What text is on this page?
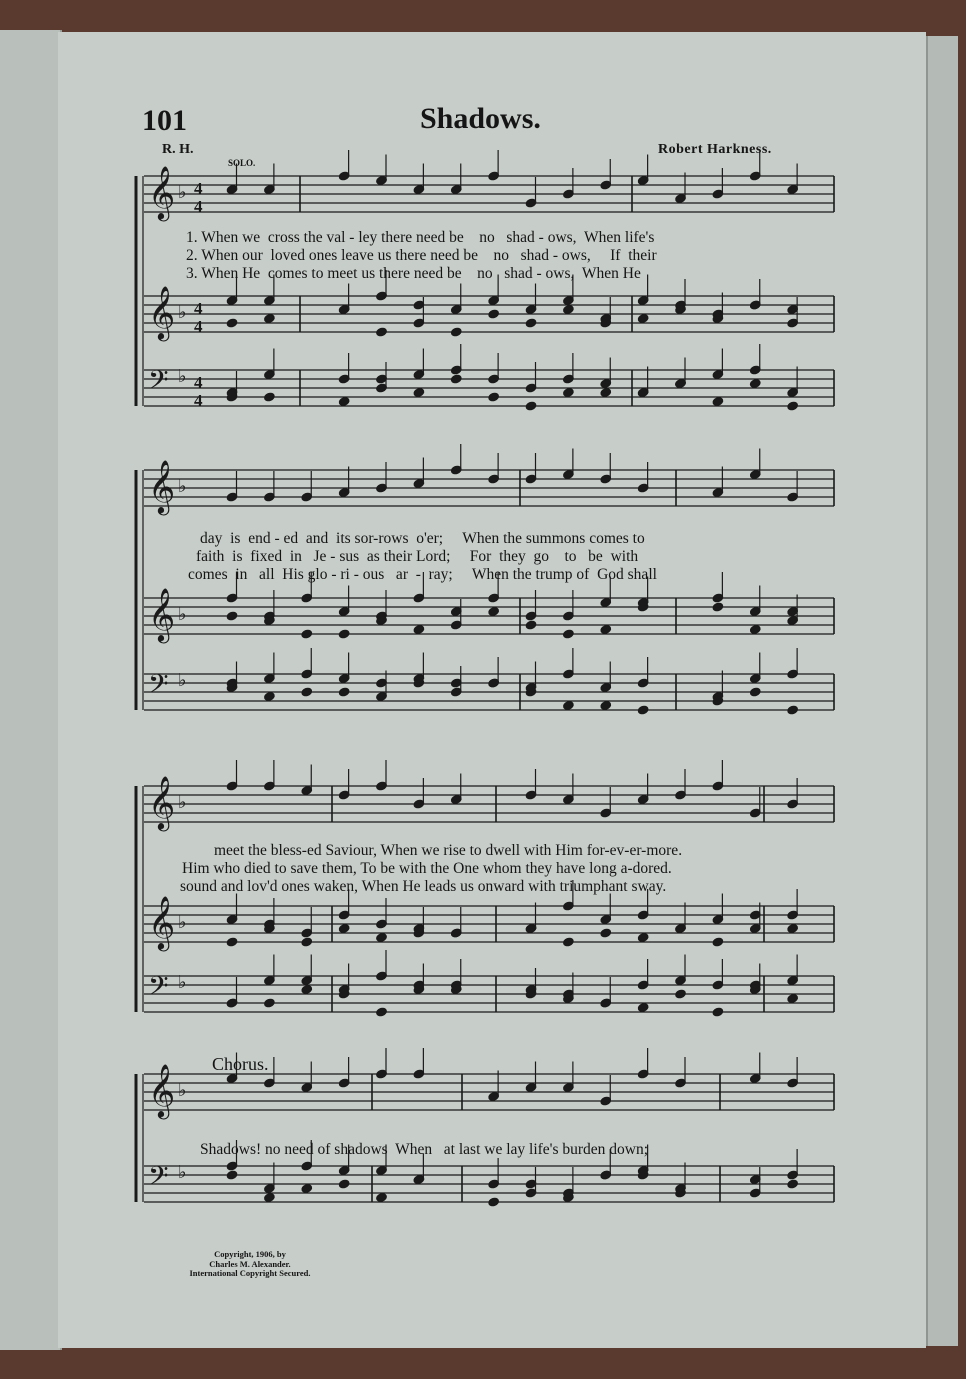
101	Shadows.
R. H.	Robert Harkness.
SOLO.
𝄞 ♭ 4
4
𝄞 ♭ 4
4
𝄢 ♭ 4
4
𝄞 ♭
𝄞 ♭
𝄢 ♭
𝄞 ♭
𝄞 ♭
𝄢 ♭
𝄞 ♭
𝄢 ♭
1. When we  cross the val - ley there need be    no   shad - ows,  When life's
2. When our  loved ones leave us there need be    no   shad - ows,     If  their
3. When He  comes to meet us there need be    no   shad - ows,  When He
day  is  end - ed  and  its sor-rows  o'er;     When the summons comes to
faith  is  fixed  in   Je - sus  as their Lord;     For  they  go    to   be  with
comes  in   all  His glo - ri - ous   ar  -  ray;     When the trump of  God shall
meet the bless-ed Saviour, When we rise to dwell with Him for-ev-er-more.
Him who died to save them, To be with the One whom they have long a-dored.
sound and lov'd ones waken, When He leads us onward with triumphant sway.
Chorus.
Shadows! no need of shadows  When   at last we lay life's burden down;
Copyright, 1906, by
Charles M. Alexander.
International Copyright Secured.
